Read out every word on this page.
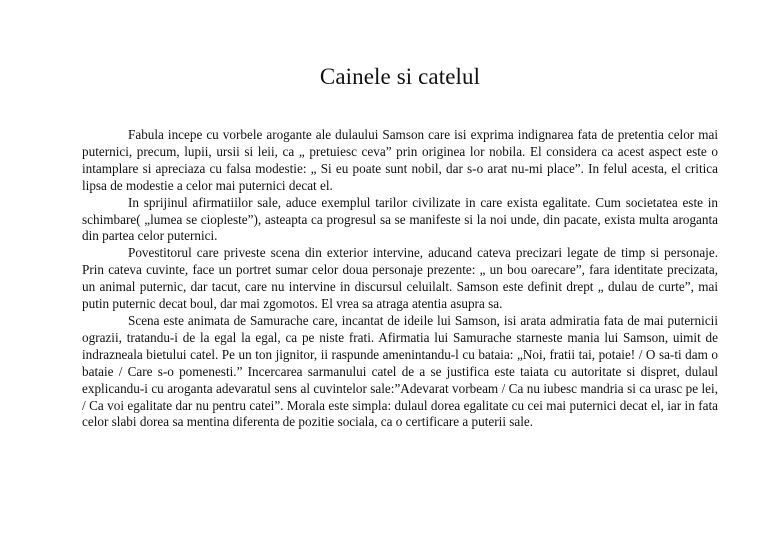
Cainele si catelul

Fabula incepe cu vorbele arogante ale dulaului Samson care isi exprima indignarea fata de pretentia celor mai puternici, precum, lupii, ursii si leii, ca „ pretuiesc ceva” prin originea lor nobila. El considera ca acest aspect este o intamplare si apreciaza cu falsa modestie: „ Si eu poate sunt nobil, dar s-o arat nu-mi place”. In felul acesta, el critica lipsa de modestie a celor mai puternici decat el.

In sprijinul afirmatiilor sale, aduce exemplul tarilor civilizate in care exista egalitate. Cum societatea este in schimbare( „lumea se ciopleste”), asteapta ca progresul sa se manifeste si la noi unde, din pacate, exista multa aroganta din partea celor puternici.

Povestitorul care priveste scena din exterior intervine, aducand cateva precizari legate de timp si personaje. Prin cateva cuvinte, face un portret sumar celor doua personaje prezente: „ un bou oarecare”, fara identitate precizata, un animal puternic, dar tacut, care nu intervine in discursul celuilalt. Samson este definit drept „ dulau de curte”, mai putin puternic decat boul, dar mai zgomotos. El vrea sa atraga atentia asupra sa.

Scena este animata de Samurache care, incantat de ideile lui Samson, isi arata admiratia fata de mai puternicii ograzii, tratandu-i de la egal la egal, ca pe niste frati. Afirmatia lui Samurache starneste mania lui Samson, uimit de indrazneala bietului catel. Pe un ton jignitor, ii raspunde amenintandu-l cu bataia: „Noi, fratii tai, potaie! / O sa-ti dam o bataie / Care s-o pomenesti.” Incercarea sarmanului catel de a se justifica este taiata cu autoritate si dispret, dulaul explicandu-i cu aroganta adevaratul sens al cuvintelor sale:”Adevarat vorbeam / Ca nu iubesc mandria si ca urasc pe lei, / Ca voi egalitate dar nu pentru catei”. Morala este simpla: dulaul dorea egalitate cu cei mai puternici decat el, iar in fata celor slabi dorea sa mentina diferenta de pozitie sociala, ca o certificare a puterii sale.
